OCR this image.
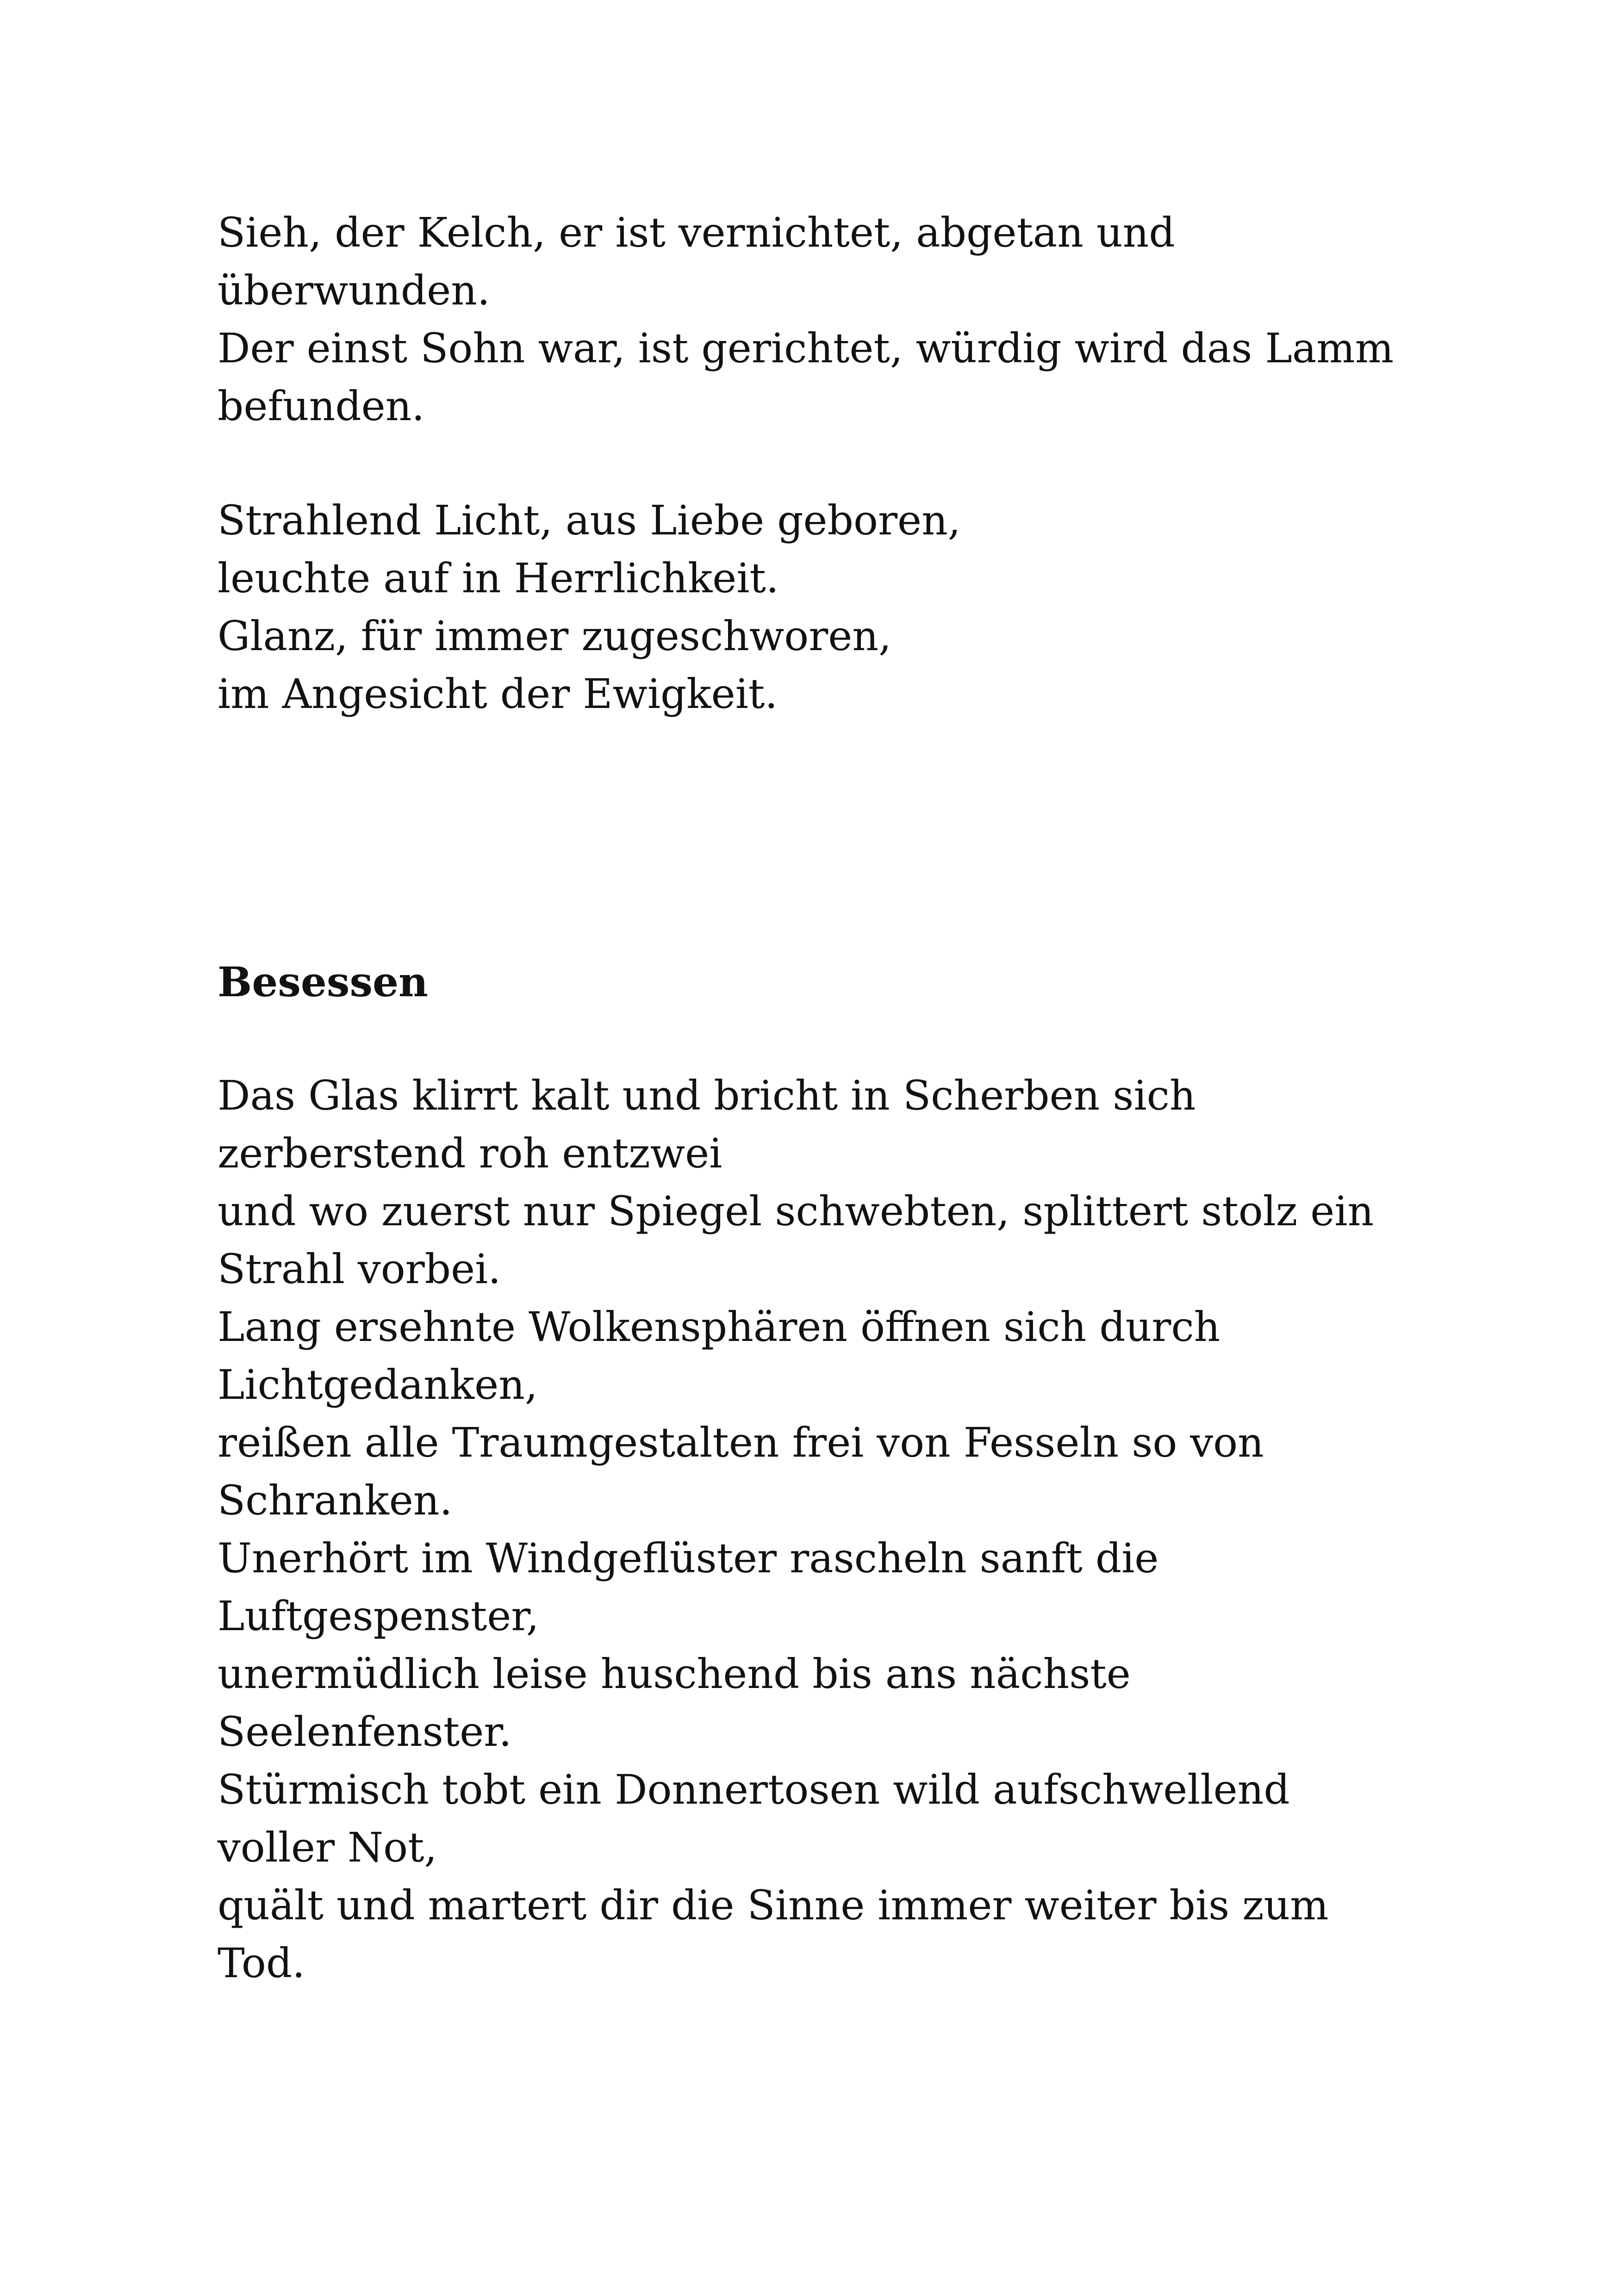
Sieh, der Kelch, er ist vernichtet, abgetan und
überwunden.
Der einst Sohn war, ist gerichtet, würdig wird das Lamm
befunden.

Strahlend Licht, aus Liebe geboren,
leuchte auf in Herrlichkeit.
Glanz, für immer zugeschworen,
im Angesicht der Ewigkeit.

Besessen

Das Glas klirrt kalt und bricht in Scherben sich
zerberstend roh entzwei
und wo zuerst nur Spiegel schwebten, splittert stolz ein
Strahl vorbei.
Lang ersehnte Wolkensphären öffnen sich durch
Lichtgedanken,
reißen alle Traumgestalten frei von Fesseln so von
Schranken.
Unerhört im Windgeflüster rascheln sanft die
Luftgespenster,
unermüdlich leise huschend bis ans nächste
Seelenfenster.
Stürmisch tobt ein Donnertosen wild aufschwellend
voller Not,
quält und martert dir die Sinne immer weiter bis zum
Tod.
